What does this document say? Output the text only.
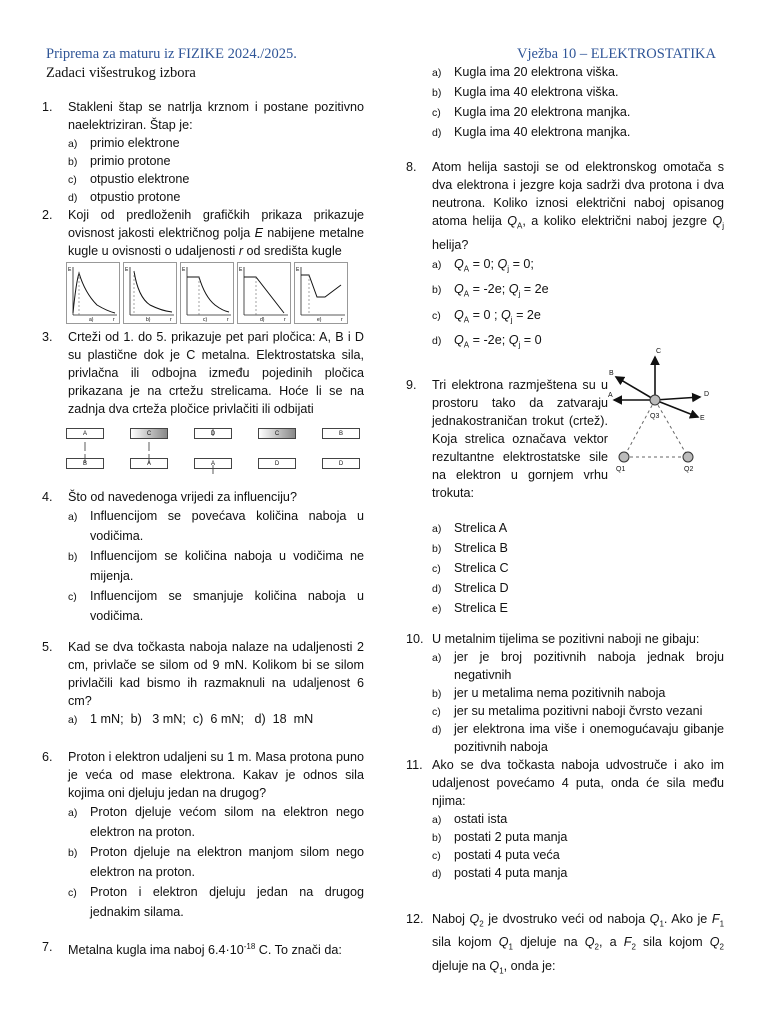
Priprema za maturu iz FIZIKE 2024./2025.	Vježba 10 – ELEKTROSTATIKA
Zadaci višestrukog izbora
1. Stakleni štap se natrlja krznom i postane pozitivno naelektriziran. Štap je:
a) primio elektrone
b) primio protone
c) otpustio elektrone
d) otpustio protone
2. Koji od predloženih grafičkih prikaza prikazuje ovisnost jakosti električnog polja E nabijene metalne kugle u ovisnosti o udaljenosti r od središta kugle
E
r
a)
E
r
b)
E
r
c)
E
r
d)
E
r
e)
3. Crteži od 1. do 5. prikazuje pet pari pločica: A, B i D su plastične dok je C metalna. Elektrostatska sila, privlačna ili odbojna između pojedinih pločica prikazana je na crtežu strelicama. Hoće li se na zadnja dva crteža pločice privlačiti ili odbijati
A
B
C
A
D
A
C
D
B
D
4. Što od navedenoga vrijedi za influenciju?
a) Influencijom se povećava količina naboja u vodičima.
b) Influencijom se količina naboja u vodičima ne mijenja.
c) Influencijom se smanjuje količina naboja u vodičima.
5. Kad se dva točkasta naboja nalaze na udaljenosti 2 cm, privlače se silom od 9 mN. Kolikom bi se silom privlačili kad bismo ih razmaknuli na udaljenost 6 cm?
a) 1 mN;  b)   3 mN;  c)  6 mN;   d)  18  mN
6. Proton i elektron udaljeni su 1 m. Masa protona puno je veća od mase elektrona. Kakav je odnos sila kojima oni djeluju jedan na drugog?
a) Proton djeluje većom silom na elektron nego elektron na proton.
b) Proton djeluje na elektron manjom silom nego elektron na proton.
c) Proton i elektron djeluju jedan na drugog jednakim silama.
7. Metalna kugla ima naboj $6.4\cdot 10^{-18}$ C. To znači da:
a) Kugla ima 20 elektrona viška.
b) Kugla ima 40 elektrona viška.
c) Kugla ima 20 elektrona manjka.
d) Kugla ima 40 elektrona manjka.
8. Atom helija sastoji se od elektronskog omotača s dva elektrona i jezgre koja sadrži dva protona i dva neutrona. Koliko iznosi električni naboj opisanog atoma helija $Q_A$, a koliko električni naboj jezgre $Q_j$ helija?
a) $Q_A = 0$; $Q_j = 0$;
b) $Q_A = -2e$; $Q_j = 2e$
c) $Q_A = 0$ ; $Q_j = 2e$
d) $Q_A = -2e$; $Q_j = 0$
9. Tri elektrona razmještena su u prostoru tako da zatvaraju jednakostraničan trokut (crtež). Koja strelica označava vektor rezultantne elektrostatske sile na elektron u gornjem vrhu trokuta:
a) Strelica A
b) Strelica B
c) Strelica C
d) Strelica D
e) Strelica E
10. U metalnim tijelima se pozitivni naboji ne gibaju:
a) jer je broj pozitivnih naboja jednak broju negativnih
b) jer u metalima nema pozitivnih naboja
c) jer su metalima pozitivni naboji čvrsto vezani
d) jer elektrona ima više i onemogućavaju gibanje pozitivnih naboja
11. Ako se dva točkasta naboja udvostruče i ako im udaljenost povećamo 4 puta, onda će sila među njima:
a) ostati ista
b) postati 2 puta manja
c) postati 4 puta veća
d) postati 4 puta manja
12. Naboj $Q_2$ je dvostruko veći od naboja $Q_1$. Ako je $F_1$ sila kojom $Q_1$ djeluje na $Q_2$, a $F_2$ sila kojom $Q_2$ djeluje na $Q_1$, onda je:
C
B
A	D
E
Q3
Q1	Q2
